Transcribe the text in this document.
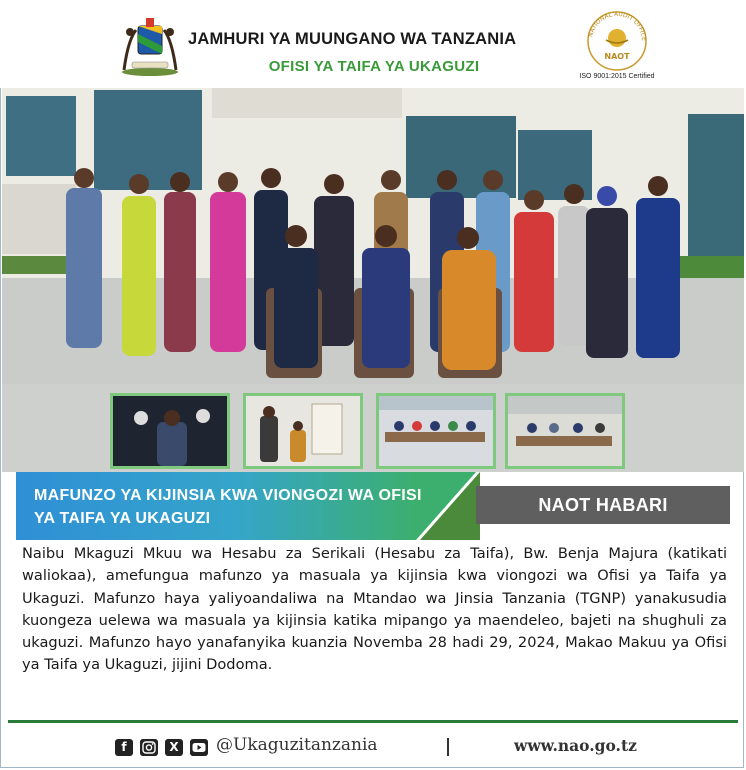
JAMHURI YA MUUNGANO WA TANZANIA
OFISI YA TAIFA YA UKAGUZI
NATIONAL AUDIT OFFICE
NAOT
ISO 9001:2015 Certified
MAFUNZO YA KIJINSIA KWA VIONGOZI WA OFISI YA TAIFA YA UKAGUZI
NAOT HABARI
Naibu Mkaguzi Mkuu wa Hesabu za Serikali (Hesabu za Taifa), Bw. Benja Majura (katikati waliokaa), amefungua mafunzo ya masuala ya kijinsia kwa viongozi wa Ofisi ya Taifa ya Ukaguzi. Mafunzo haya yaliyoandaliwa na Mtandao wa Jinsia Tanzania (TGNP) yanakusudia kuongeza uelewa wa masuala ya kijinsia katika mipango ya maendeleo, bajeti na shughuli za ukaguzi. Mafunzo hayo yanafanyika kuanzia Novemba 28 hadi 29, 2024, Makao Makuu ya Ofisi ya Taifa ya Ukaguzi, jijini Dodoma.
f	X @Ukaguzitanzania	www.nao.go.tz
